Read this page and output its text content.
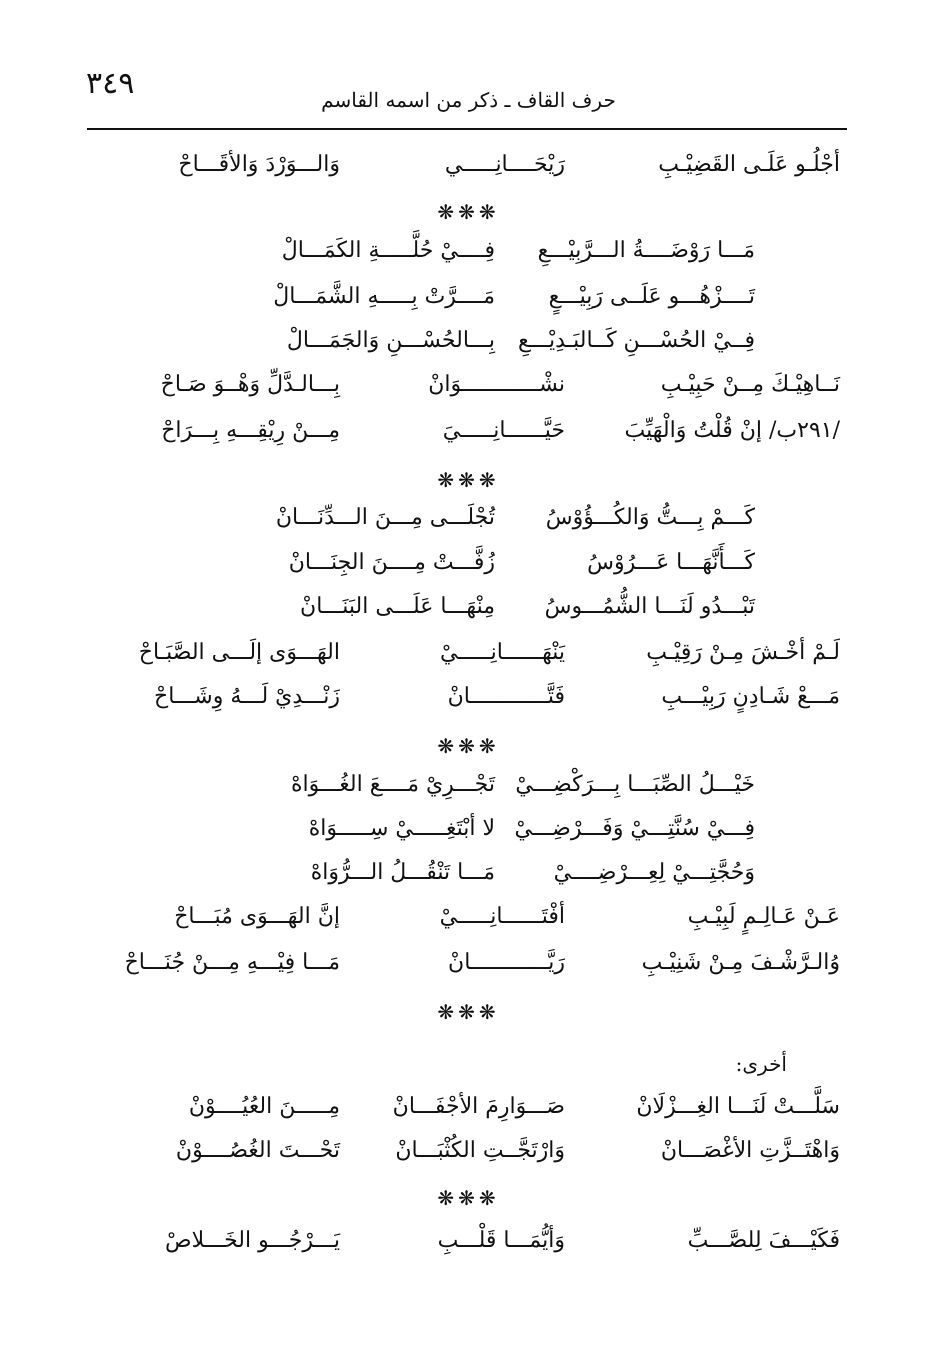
٣٤٩	حرف القاف ـ ذكر من اسمه القاسم
أجْلُـو عَلَـى القَضِيْـبِ
رَيْحَــــانِـــــي
وَالـــوَرْدَ وَالأقَـــاحْ
❋❋❋
مَـــا رَوْضَــــةُ الـــرَّبِيْـــعِ
فِــــيْ حُلَّـــــةِ الكَمَـــالْ
تَــــزْهُـــو عَلَــى رَبِيْـــعٍ
مَــــرَّتْ بِـــــهِ الشَّمَـــالْ
فِــيْ الحُسْـــنِ كَــالبَـدِيْـــعِ
بِـــالحُسْـــنِ وَالجَمَـــالْ
نَــاهِيْـكَ مِــنْ حَبِيْـبِ
نشْــــــــــــوَانْ
بِـــالـدَّلِّ وَهْــوَ صَـاحْ
/٢٩١ب/ إنْ قُلْتُ وَالْهَيِّبَ
حَيَّــــــانِـــــيَ
مِـــنْ رِيْقِـــهِ بِـــرَاحْ
❋❋❋
كَـــمْ بِـــتُّ وَالكُـــؤُوْسُ
تُجْلَـــى مِـــنَ الـــدِّنَـــانْ
كَـــأَنَّهَـــا عَـــرُوْسُ
زُفَّـــتْ مِــــنَ الجِنَـــانْ
تَبْـــدُو لَنَـــا الشُّمُـــوسُ
مِنْهَـــا عَلَـــى البَنَـــانْ
لَـمْ أخْـشَ مِـنْ رَقِيْـبِ
يَنْهَــــــانِـــــيْ
الهَـــوَى إلَـــى الصَّبَـاحْ
مَـــعْ شَـادِنٍ رَبِيْـــبِ
فَتَّــــــــــــانْ
زَنْـــدِيْ لَـــهُ وِشَـــاحْ
❋❋❋
خَيْـــلُ الصِّبَـــا بِـــرَكْضِـــيْ
تَجْـــرِيْ مَــــعَ الغُـــوَاهْ
فِـــيْ سُنَّتِـــيْ وَفَـــرْضِـــيْ
لا أبْتَغِـــــيْ سِـــــوَاهْ
وَحُجَّتِـــيْ لِعِـــرْضِــــيْ
مَـــا تَنْقُـــلُ الـــرُّوَاهْ
عَـنْ عَـالِـمٍ لَبِيْـبِ
أفْتَــــــانِـــــيْ
إنَّ الهَـــوَى مُبَـــاحْ
وُالـرَّشْـفَ مِـنْ شَنِيْـبِ
رَيَّــــــــــــانْ
مَـــا فِيْـــهِ مِـــنْ جُنَـــاحْ
❋❋❋
أخرى:
سَلَّـــتْ لَنَـــا الغِـــزْلَانْ
صَـــوَارِمَ الأجْفَـــانْ
مِـــــنَ العُيُــــوْنْ
وَاهْتَــزَّتِ الأغْصَـــانْ
وَارْتَجَّــتِ الكُثْبَـــانْ
تَحْـــتَ الغُصُــــوْنْ
❋❋❋
فَكَيْـــفَ لِلصَّـــبِّ
وَأيُّمَـــا قَلْـــبِ
يَـــرْجُـــو الخَـــلاصْ
